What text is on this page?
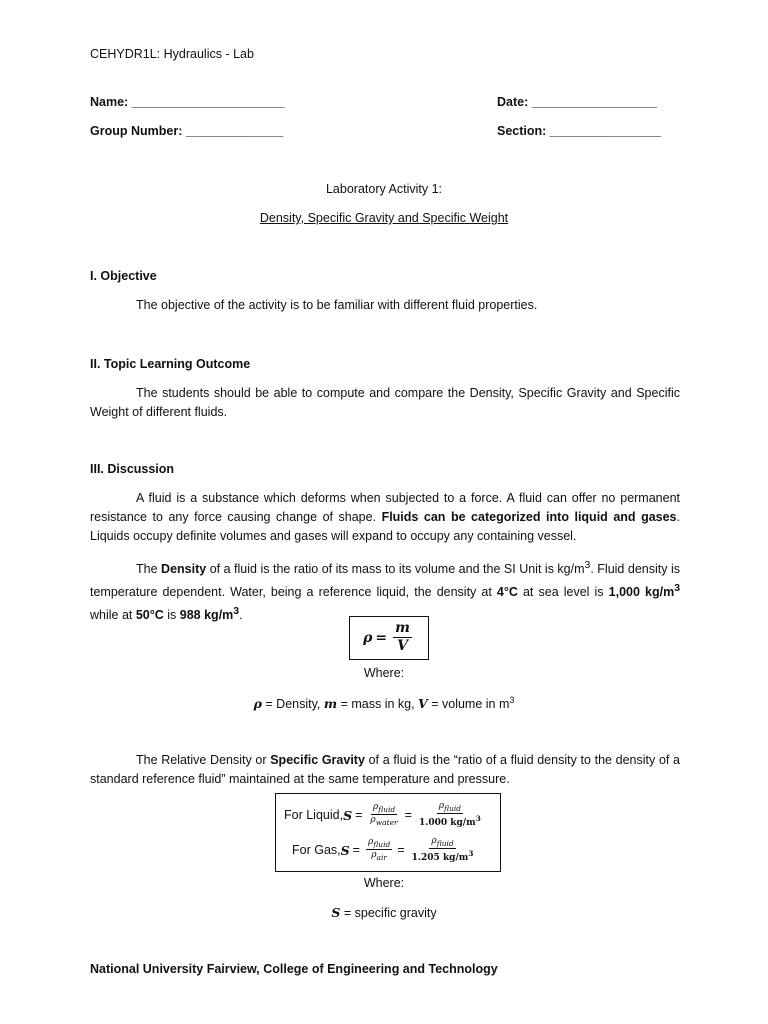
CEHYDR1L: Hydraulics - Lab
Name: ______________________	Date: __________________
Group Number: ______________	Section: ________________
Laboratory Activity 1:
Density, Specific Gravity and Specific Weight
I. Objective
The objective of the activity is to be familiar with different fluid properties.
II. Topic Learning Outcome
The students should be able to compute and compare the Density, Specific Gravity and Specific Weight of different fluids.
III. Discussion
A fluid is a substance which deforms when subjected to a force. A fluid can offer no permanent resistance to any force causing change of shape. Fluids can be categorized into liquid and gases. Liquids occupy definite volumes and gases will expand to occupy any containing vessel.
The Density of a fluid is the ratio of its mass to its volume and the SI Unit is $kg/m^3$. Fluid density is temperature dependent. Water, being a reference liquid, the density at 4°C at sea level is 1,000 $kg/m^3$ while at 50°C is 988 $kg/m^3$.
$\rho = \frac{m}{V}$
Where:
ρ = Density, m = mass in kg, V = volume in $m^3$
The Relative Density or Specific Gravity of a fluid is the “ratio of a fluid density to the density of a standard reference fluid” maintained at the same temperature and pressure.
For Liquid, $S = \frac{\rho_{fluid}}{\rho_{water}} = \frac{\rho_{fluid}}{1.000 kg/m^3}$
For Gas, $S = \frac{\rho_{fluid}}{\rho_{air}} = \frac{\rho_{fluid}}{1.205 kg/m^3}$
Where:
S = specific gravity
National University Fairview, College of Engineering and Technology
